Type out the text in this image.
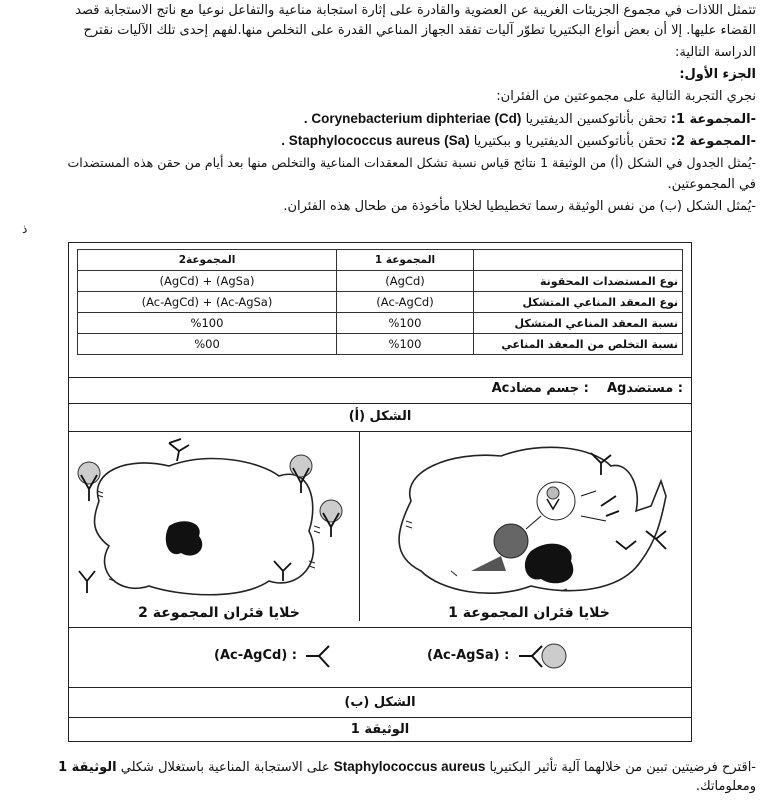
تتمثل اللاذات في مجموع الجزيئات الغريبة عن العضوية والقادرة على إثارة استجابة مناعية والتفاعل نوعيا مع ناتج الاستجابة قصد
القضاء عليها. إلا أن بعض أنواع البكتيريا تطوّر آليات تفقد الجهاز المناعي القدرة على التخلص منها.لفهم إحدى تلك الآليات نقترح
الدراسة التالية:
الجزء الأول:
نجري التجربة التالية على مجموعتين من الفئران:
-المجموعة 1: تحقن بأناتوكسين الديفتيريا Corynebacterium diphteriae (Cd) .
-المجموعة 2: تحقن بأناتوكسين الديفتيريا و ببكتيريا Staphylococcus aureus (Sa) .
-يُمثل الجدول في الشكل (أ) من الوثيقة 1 نتائج قياس نسبة تشكل المعقدات المناعية والتخلص منها بعد أيام من حقن هذه المستضدات
في المجموعتين.
-يُمثل الشكل (ب) من نفس الوثيقة رسما تخطيطيا لخلايا مأخوذة من طحال هذه الفئران.
ذ
	المجموعة 1	المجموعة2
نوع المستضدات المحقونة	(AgCd)	(AgSa) + (AgCd)
نوع المعقد المناعي المتشكل	(Ac-AgCd)	(Ac-AgSa) + (Ac-AgCd)
نسبة المعقد المناعي المتشكل	%100	%100
نسبة التخلص من المعقد المناعي	%100	%00
Ac: جسم مضاد Ag: مستضد
الشكل (أ)
خلايا فئران المجموعة 2	خلايا فئران المجموعة 1
(Ac-AgCd) :	(Ac-AgSa) :
الشكل (ب)
الوثيقة 1
-اقترح فرضيتين تبين من خلالهما آلية تأثير البكتيريا Staphylococcus aureus على الاستجابة المناعية باستغلال شكلي الوثيقة 1
ومعلوماتك.
